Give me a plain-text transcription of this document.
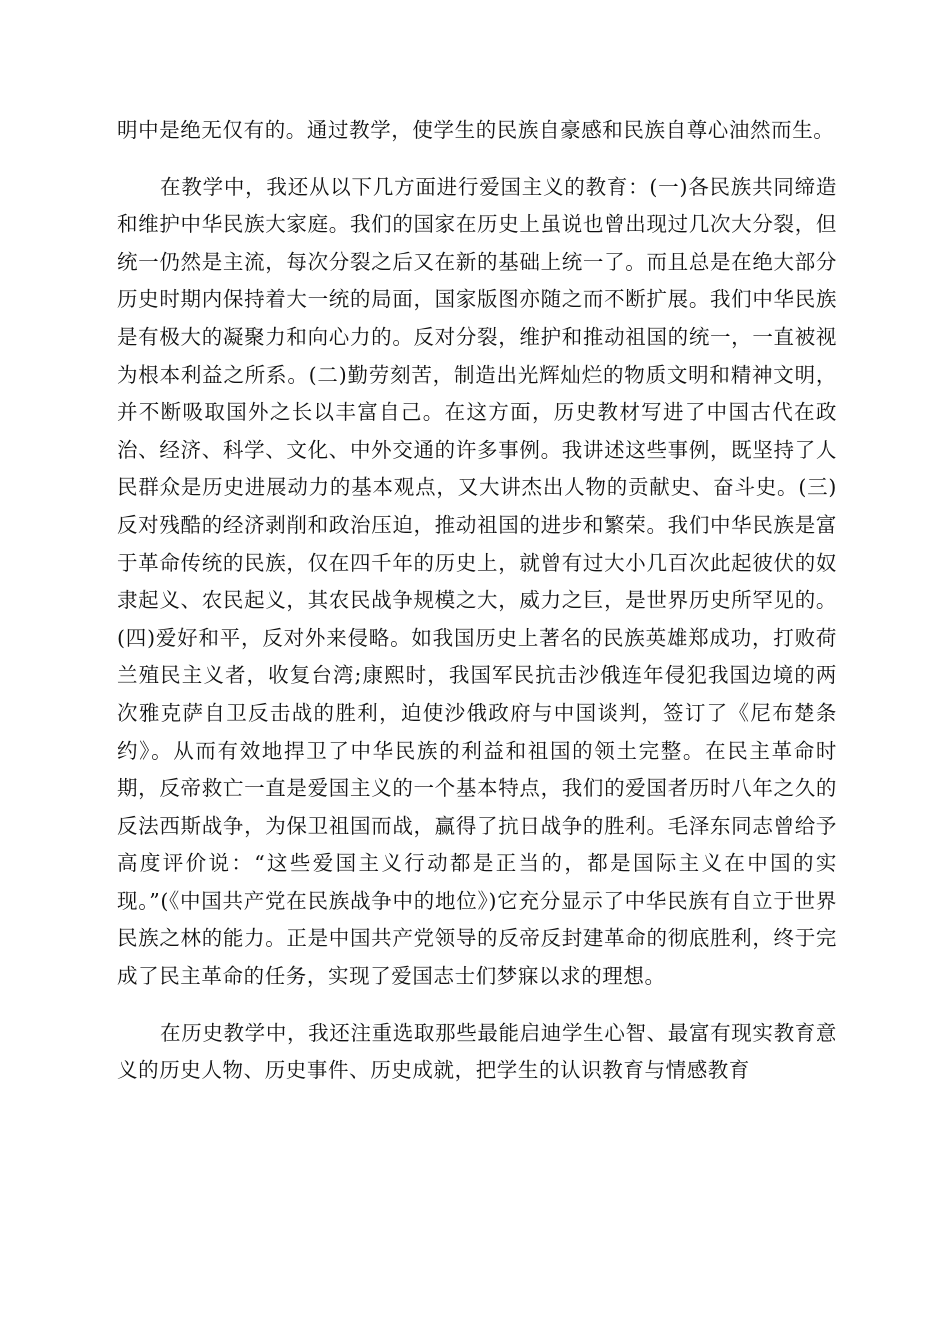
明中是绝无仅有的。通过教学，使学生的民族自豪感和民族自尊心油然而生。

在教学中，我还从以下几方面进行爱国主义的教育：(一)各民族共同缔造和维护中华民族大家庭。我们的国家在历史上虽说也曾出现过几次大分裂，但统一仍然是主流，每次分裂之后又在新的基础上统一了。而且总是在绝大部分历史时期内保持着大一统的局面，国家版图亦随之而不断扩展。我们中华民族是有极大的凝聚力和向心力的。反对分裂，维护和推动祖国的统一，一直被视为根本利益之所系。(二)勤劳刻苦，制造出光辉灿烂的物质文明和精神文明，并不断吸取国外之长以丰富自己。在这方面，历史教材写进了中国古代在政治、经济、科学、文化、中外交通的许多事例。我讲述这些事例，既坚持了人民群众是历史进展动力的基本观点，又大讲杰出人物的贡献史、奋斗史。(三)反对残酷的经济剥削和政治压迫，推动祖国的进步和繁荣。我们中华民族是富于革命传统的民族，仅在四千年的历史上，就曾有过大小几百次此起彼伏的奴隶起义、农民起义，其农民战争规模之大，威力之巨，是世界历史所罕见的。(四)爱好和平，反对外来侵略。如我国历史上著名的民族英雄郑成功，打败荷兰殖民主义者，收复台湾;康熙时，我国军民抗击沙俄连年侵犯我国边境的两次雅克萨自卫反击战的胜利，迫使沙俄政府与中国谈判，签订了《尼布楚条约》。从而有效地捍卫了中华民族的利益和祖国的领土完整。在民主革命时期，反帝救亡一直是爱国主义的一个基本特点，我们的爱国者历时八年之久的反法西斯战争，为保卫祖国而战，赢得了抗日战争的胜利。毛泽东同志曾给予高度评价说：“这些爱国主义行动都是正当的，都是国际主义在中国的实现。”(《中国共产党在民族战争中的地位》)它充分显示了中华民族有自立于世界民族之林的能力。正是中国共产党领导的反帝反封建革命的彻底胜利，终于完成了民主革命的任务，实现了爱国志士们梦寐以求的理想。

在历史教学中，我还注重选取那些最能启迪学生心智、最富有现实教育意义的历史人物、历史事件、历史成就，把学生的认识教育与情感教育
